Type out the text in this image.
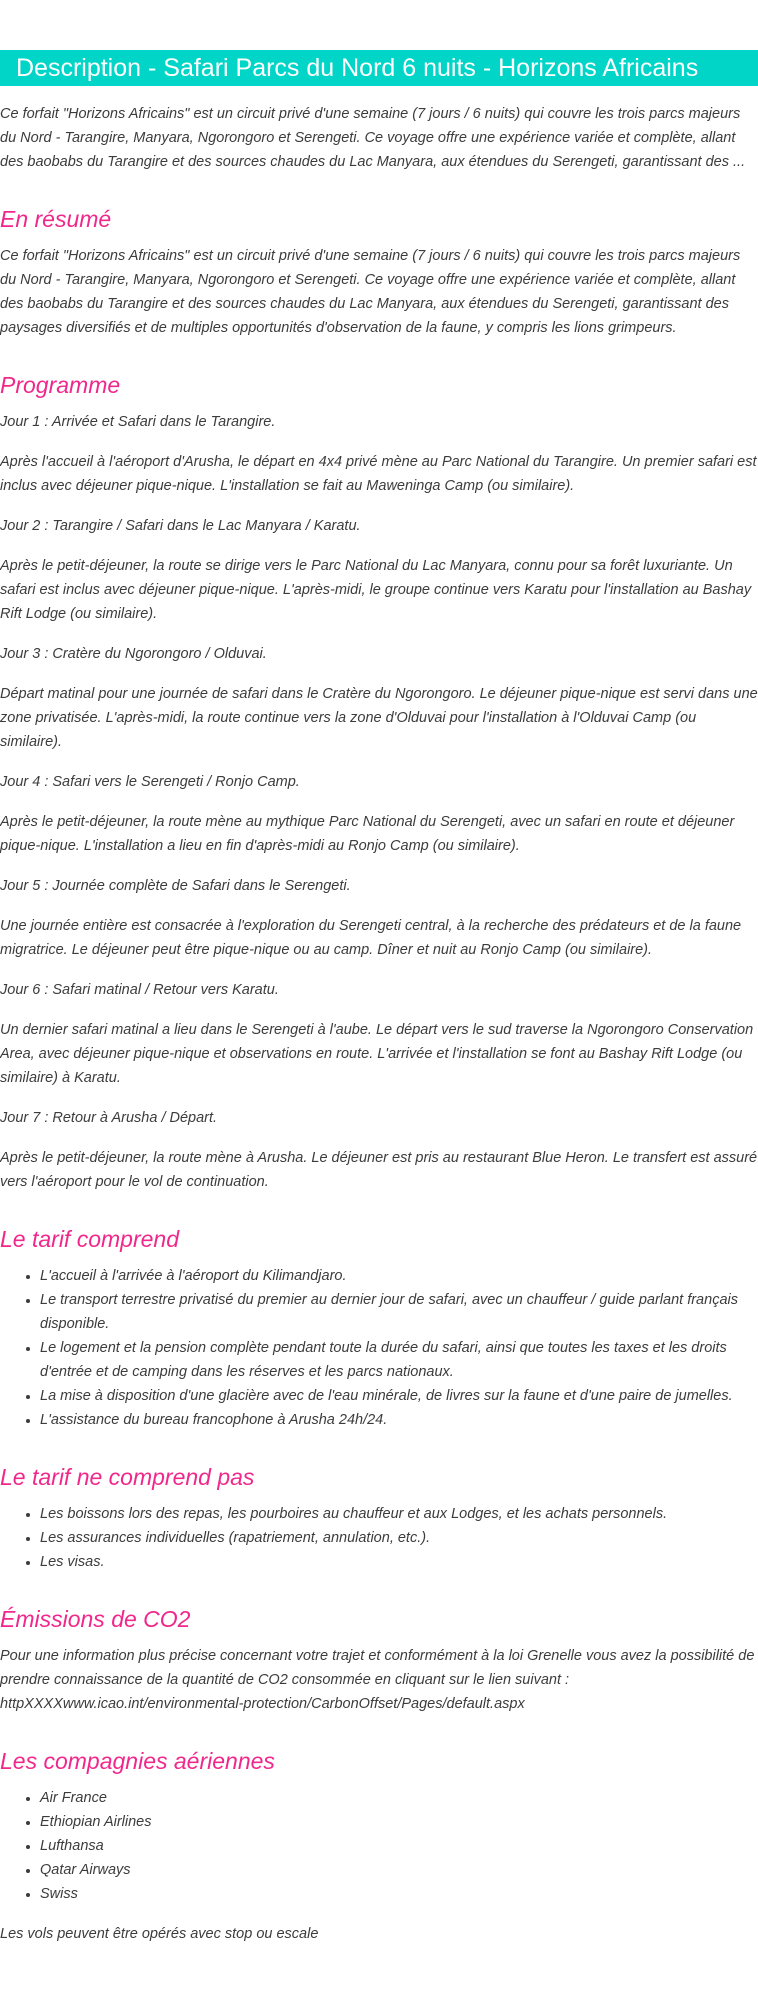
Description - Safari Parcs du Nord 6 nuits - Horizons Africains

Ce forfait "Horizons Africains" est un circuit privé d'une semaine (7 jours / 6 nuits) qui couvre les trois parcs majeurs du Nord - Tarangire, Manyara, Ngorongoro et Serengeti. Ce voyage offre une expérience variée et complète, allant des baobabs du Tarangire et des sources chaudes du Lac Manyara, aux étendues du Serengeti, garantissant des ...

En résumé

Ce forfait "Horizons Africains" est un circuit privé d'une semaine (7 jours / 6 nuits) qui couvre les trois parcs majeurs du Nord - Tarangire, Manyara, Ngorongoro et Serengeti. Ce voyage offre une expérience variée et complète, allant des baobabs du Tarangire et des sources chaudes du Lac Manyara, aux étendues du Serengeti, garantissant des paysages diversifiés et de multiples opportunités d'observation de la faune, y compris les lions grimpeurs.

Programme

Jour 1 : Arrivée et Safari dans le Tarangire.

Après l'accueil à l'aéroport d'Arusha, le départ en 4x4 privé mène au Parc National du Tarangire. Un premier safari est inclus avec déjeuner pique-nique. L'installation se fait au Maweninga Camp (ou similaire).

Jour 2 : Tarangire / Safari dans le Lac Manyara / Karatu.

Après le petit-déjeuner, la route se dirige vers le Parc National du Lac Manyara, connu pour sa forêt luxuriante. Un safari est inclus avec déjeuner pique-nique. L'après-midi, le groupe continue vers Karatu pour l'installation au Bashay Rift Lodge (ou similaire).

Jour 3 : Cratère du Ngorongoro / Olduvai.

Départ matinal pour une journée de safari dans le Cratère du Ngorongoro. Le déjeuner pique-nique est servi dans une zone privatisée. L'après-midi, la route continue vers la zone d'Olduvai pour l'installation à l'Olduvai Camp (ou similaire).

Jour 4 : Safari vers le Serengeti / Ronjo Camp.

Après le petit-déjeuner, la route mène au mythique Parc National du Serengeti, avec un safari en route et déjeuner pique-nique. L'installation a lieu en fin d'après-midi au Ronjo Camp (ou similaire).

Jour 5 : Journée complète de Safari dans le Serengeti.

Une journée entière est consacrée à l'exploration du Serengeti central, à la recherche des prédateurs et de la faune migratrice. Le déjeuner peut être pique-nique ou au camp. Dîner et nuit au Ronjo Camp (ou similaire).

Jour 6 : Safari matinal / Retour vers Karatu.

Un dernier safari matinal a lieu dans le Serengeti à l'aube. Le départ vers le sud traverse la Ngorongoro Conservation Area, avec déjeuner pique-nique et observations en route. L'arrivée et l'installation se font au Bashay Rift Lodge (ou similaire) à Karatu.

Jour 7 : Retour à Arusha / Départ.

Après le petit-déjeuner, la route mène à Arusha. Le déjeuner est pris au restaurant Blue Heron. Le transfert est assuré vers l'aéroport pour le vol de continuation.

Le tarif comprend
• L'accueil à l'arrivée à l'aéroport du Kilimandjaro.
• Le transport terrestre privatisé du premier au dernier jour de safari, avec un chauffeur / guide parlant français disponible.
• Le logement et la pension complète pendant toute la durée du safari, ainsi que toutes les taxes et les droits d'entrée et de camping dans les réserves et les parcs nationaux.
• La mise à disposition d'une glacière avec de l'eau minérale, de livres sur la faune et d'une paire de jumelles.
• L'assistance du bureau francophone à Arusha 24h/24.
Le tarif ne comprend pas
• Les boissons lors des repas, les pourboires au chauffeur et aux Lodges, et les achats personnels.
• Les assurances individuelles (rapatriement, annulation, etc.).
• Les visas.
Émissions de CO2

Pour une information plus précise concernant votre trajet et conformément à la loi Grenelle vous avez la possibilité de prendre connaissance de la quantité de CO2 consommée en cliquant sur le lien suivant : httpXXXXwww.icao.int/environmental-protection/CarbonOffset/Pages/default.aspx

Les compagnies aériennes
• Air France
• Ethiopian Airlines
• Lufthansa
• Qatar Airways
• Swiss

Les vols peuvent être opérés avec stop ou escale
